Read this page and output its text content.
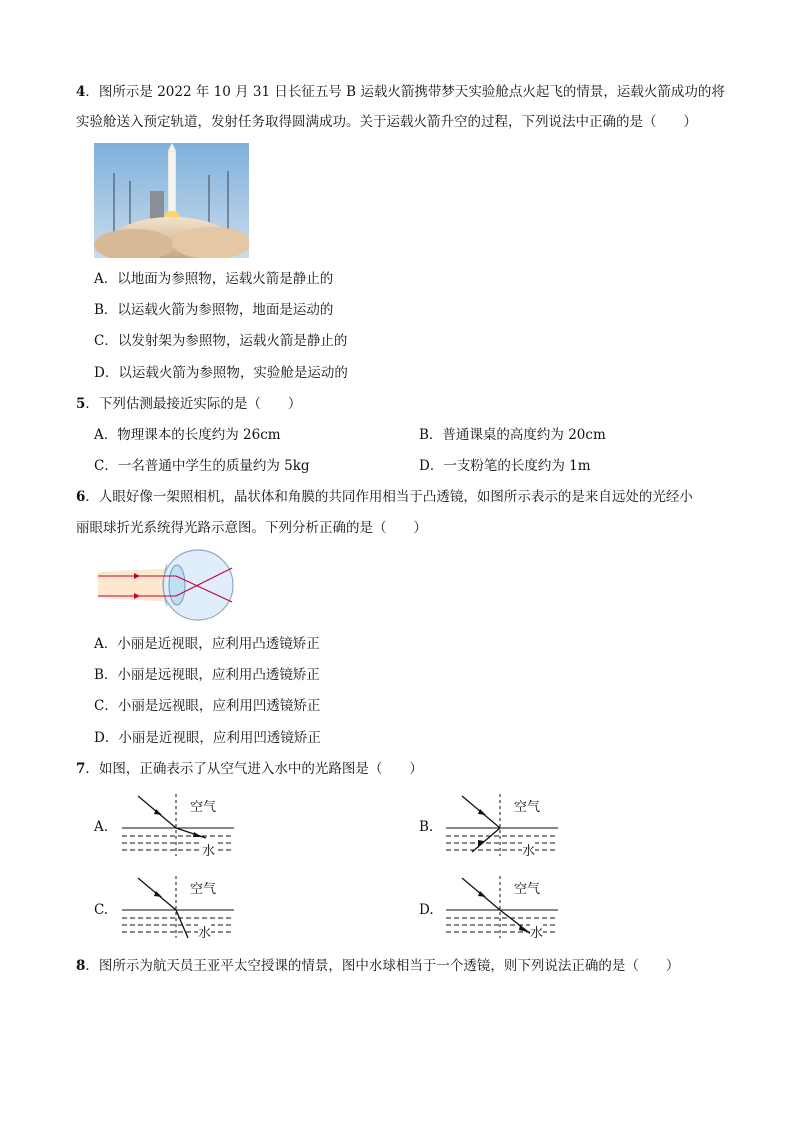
4．图所示是 2022 年 10 月 31 日长征五号 B 运载火箭携带梦天实验舱点火起飞的情景，运载火箭成功的将
实验舱送入预定轨道，发射任务取得圆满成功。关于运载火箭升空的过程，下列说法中正确的是（　　）
A．以地面为参照物，运载火箭是静止的
B．以运载火箭为参照物，地面是运动的
C．以发射架为参照物，运载火箭是静止的
D．以运载火箭为参照物，实验舱是运动的
5．下列估测最接近实际的是（　　）
A．物理课本的长度约为 26cm	B．普通课桌的高度约为 20cm
C．一名普通中学生的质量约为 5kg	D．一支粉笔的长度约为 1m
6．人眼好像一架照相机，晶状体和角膜的共同作用相当于凸透镜，如图所示表示的是来自远处的光经小
丽眼球折光系统得光路示意图。下列分析正确的是（　　）
A．小丽是近视眼，应利用凸透镜矫正
B．小丽是远视眼，应利用凸透镜矫正
C．小丽是远视眼，应利用凹透镜矫正
D．小丽是近视眼，应利用凹透镜矫正
7．如图，正确表示了从空气进入水中的光路图是（　　）
A.
空气
水
B.
空气
水
C.
空气
水
D.
空气
水
8．图所示为航天员王亚平太空授课的情景，图中水球相当于一个透镜，则下列说法正确的是（　　）
